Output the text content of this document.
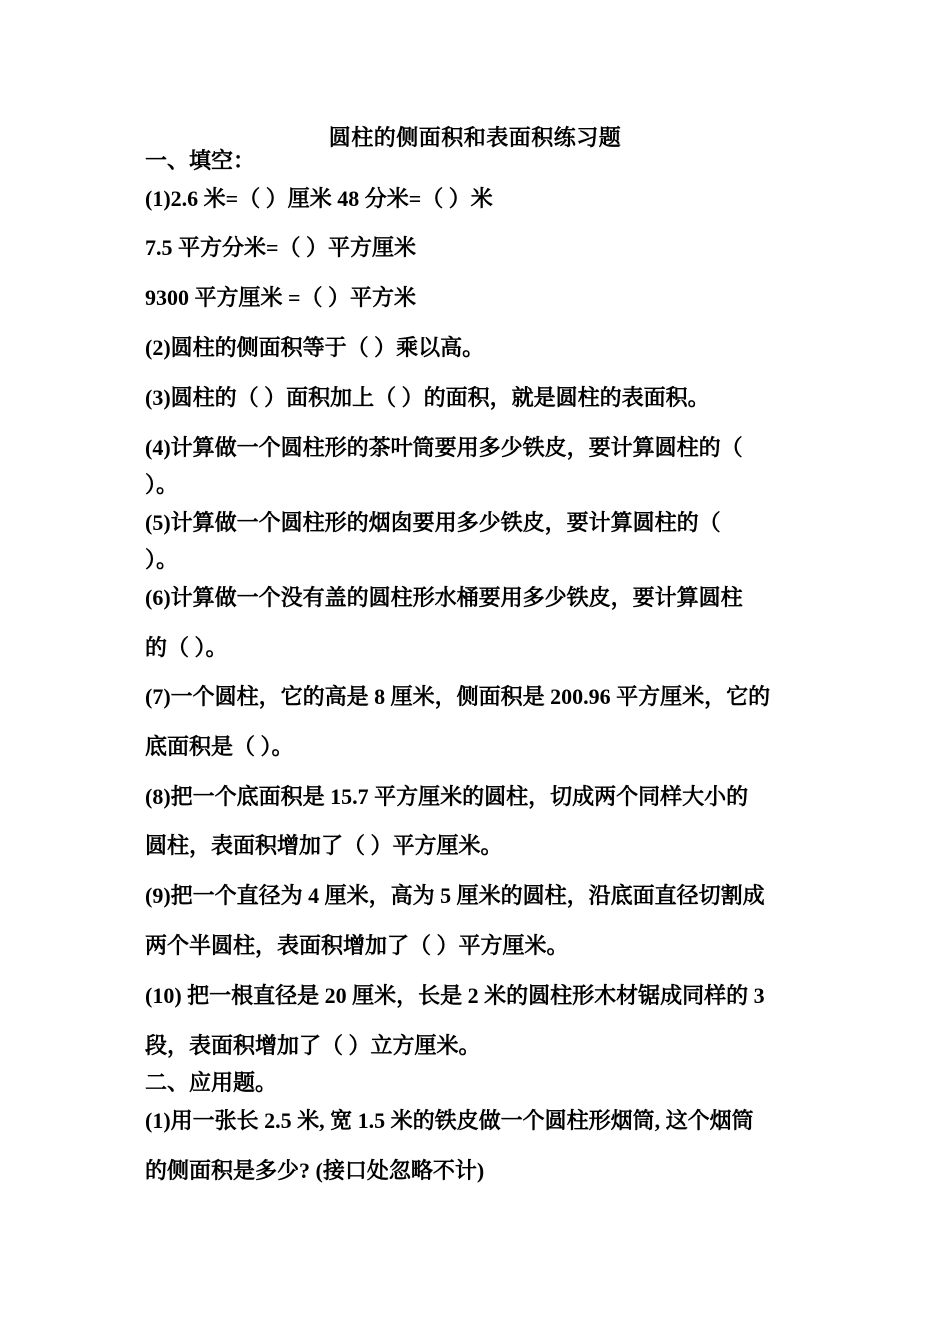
圆柱的侧面积和表面积练习题
一、填空：
(1)2.6 米=（ ）厘米 48 分米=（ ）米
7.5 平方分米=（ ）平方厘米
9300 平方厘米 =（ ）平方米
(2)圆柱的侧面积等于（ ）乘以高。
(3)圆柱的（ ）面积加上（ ）的面积，就是圆柱的表面积。
(4)计算做一个圆柱形的茶叶筒要用多少铁皮，要计算圆柱的（
）。
(5)计算做一个圆柱形的烟囱要用多少铁皮，要计算圆柱的（
）。
(6)计算做一个没有盖的圆柱形水桶要用多少铁皮，要计算圆柱
的（ ）。
(7)一个圆柱，它的高是 8 厘米，侧面积是 200.96 平方厘米，它的
底面积是（ ）。
(8)把一个底面积是 15.7 平方厘米的圆柱，切成两个同样大小的
圆柱，表面积增加了（ ）平方厘米。
(9)把一个直径为 4 厘米，高为 5 厘米的圆柱，沿底面直径切割成
两个半圆柱，表面积增加了（ ）平方厘米。
(10) 把一根直径是 20 厘米，长是 2 米的圆柱形木材锯成同样的 3
段，表面积增加了（ ）立方厘米。
二、应用题。
(1)用一张长 2.5 米, 宽 1.5 米的铁皮做一个圆柱形烟筒, 这个烟筒
的侧面积是多少? (接口处忽略不计)
